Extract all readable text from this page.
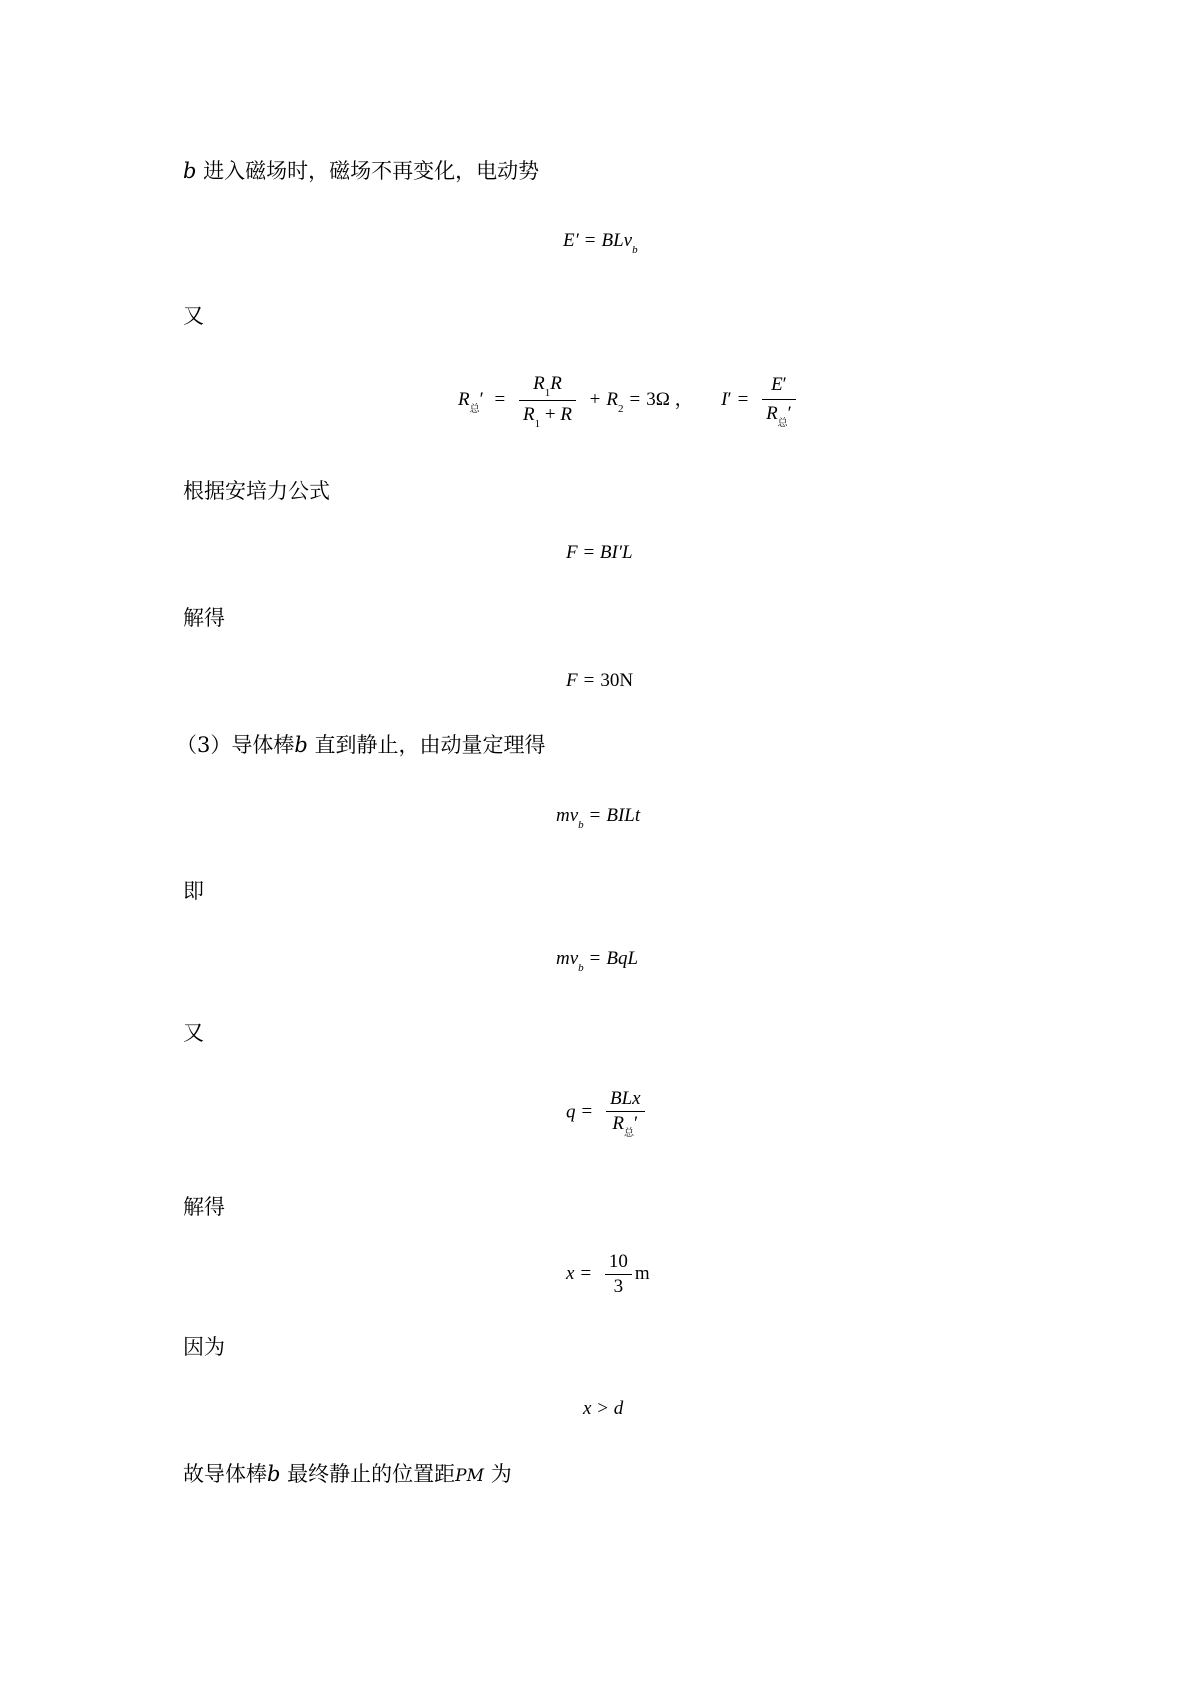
b 进入磁场时，磁场不再变化，电动势
E′ = BLv$_b$
又
$R_总' = \frac{R_1R}{R_1 + R} + R_2 = 3\Omega$ ， $I' = \frac{E'}{R_总'}$
根据安培力公式
F = BI′L
解得
F = 30N
（3）导体棒b 直到静止，由动量定理得
$mv_b$ = BILt
即
$mv_b$ = BqL
又
$q = \frac{\text{BLx}}{R_总'}$
解得
$x = \frac{10}{3}$ m
因为
x > d
故导体棒b 最终静止的位置距PM 为
